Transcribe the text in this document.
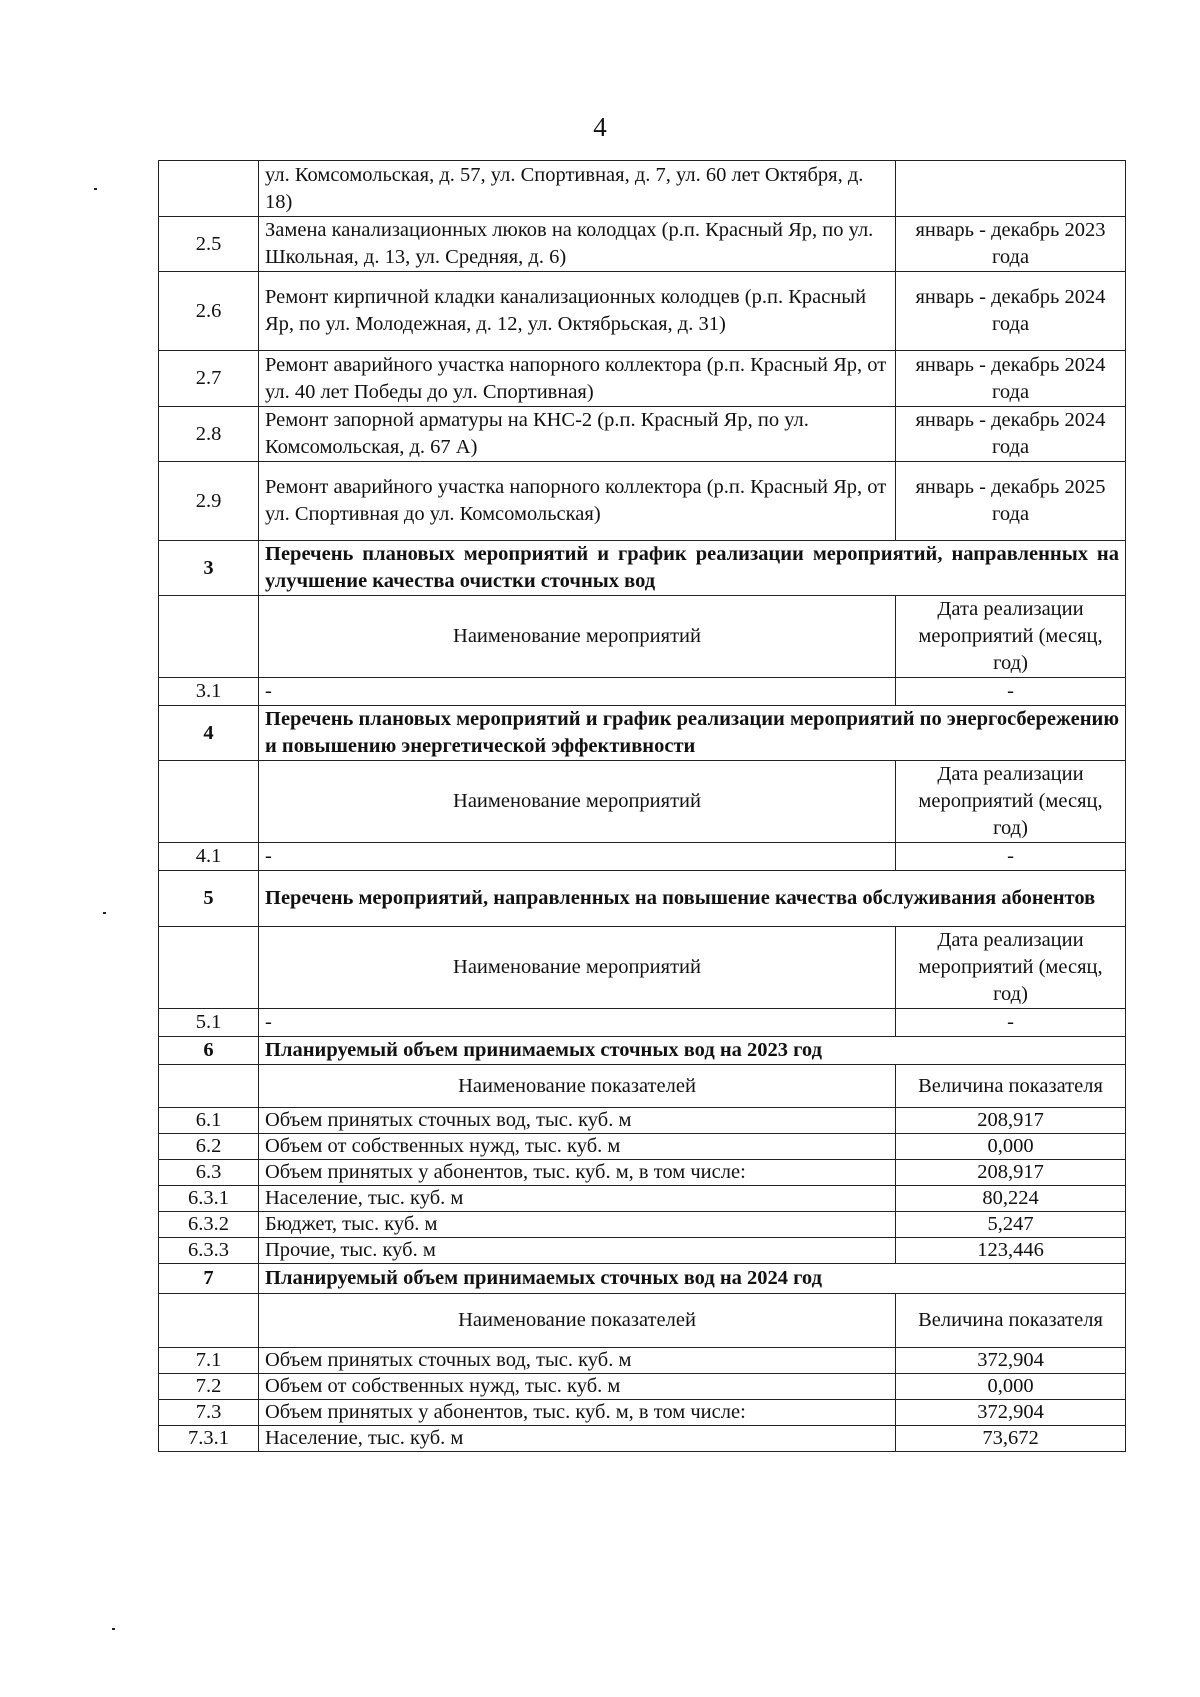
4
	ул. Комсомольская, д. 57, ул. Спортивная, д. 7, ул. 60 лет Октября, д. 18)	
2.5	Замена канализационных люков на колодцах (р.п. Красный Яр, по ул. Школьная, д. 13, ул. Средняя, д. 6)	январь - декабрь 2023 года
2.6	Ремонт кирпичной кладки канализационных колодцев (р.п. Красный Яр, по ул. Молодежная, д. 12, ул. Октябрьская, д. 31)	январь - декабрь 2024 года
2.7	Ремонт аварийного участка напорного коллектора (р.п. Красный Яр, от ул. 40 лет Победы до ул. Спортивная)	январь - декабрь 2024 года
2.8	Ремонт запорной арматуры на КНС-2 (р.п. Красный Яр, по ул. Комсомольская, д. 67 А)	январь - декабрь 2024 года
2.9	Ремонт аварийного участка напорного коллектора (р.п. Красный Яр, от ул. Спортивная до ул. Комсомольская)	январь - декабрь 2025 года
3	Перечень плановых мероприятий и график реализации мероприятий, направленных на улучшение качества очистки сточных вод	
	Наименование мероприятий	Дата реализации мероприятий (месяц, год)
3.1	-	-
4	Перечень плановых мероприятий и график реализации мероприятий по энергосбережению и повышению энергетической эффективности	
	Наименование мероприятий	Дата реализации мероприятий (месяц, год)
4.1	-	-
5	Перечень мероприятий, направленных на повышение качества обслуживания абонентов	
	Наименование мероприятий	Дата реализации мероприятий (месяц, год)
5.1	-	-
6	Планируемый объем принимаемых сточных вод на 2023 год	
	Наименование показателей	Величина показателя
6.1	Объем принятых сточных вод, тыс. куб. м	208,917
6.2	Объем от собственных нужд, тыс. куб. м	0,000
6.3	Объем принятых у абонентов, тыс. куб. м, в том числе:	208,917
6.3.1	Население, тыс. куб. м	80,224
6.3.2	Бюджет, тыс. куб. м	5,247
6.3.3	Прочие, тыс. куб. м	123,446
7	Планируемый объем принимаемых сточных вод на 2024 год	
	Наименование показателей	Величина показателя
7.1	Объем принятых сточных вод, тыс. куб. м	372,904
7.2	Объем от собственных нужд, тыс. куб. м	0,000
7.3	Объем принятых у абонентов, тыс. куб. м, в том числе:	372,904
7.3.1	Население, тыс. куб. м	73,672
